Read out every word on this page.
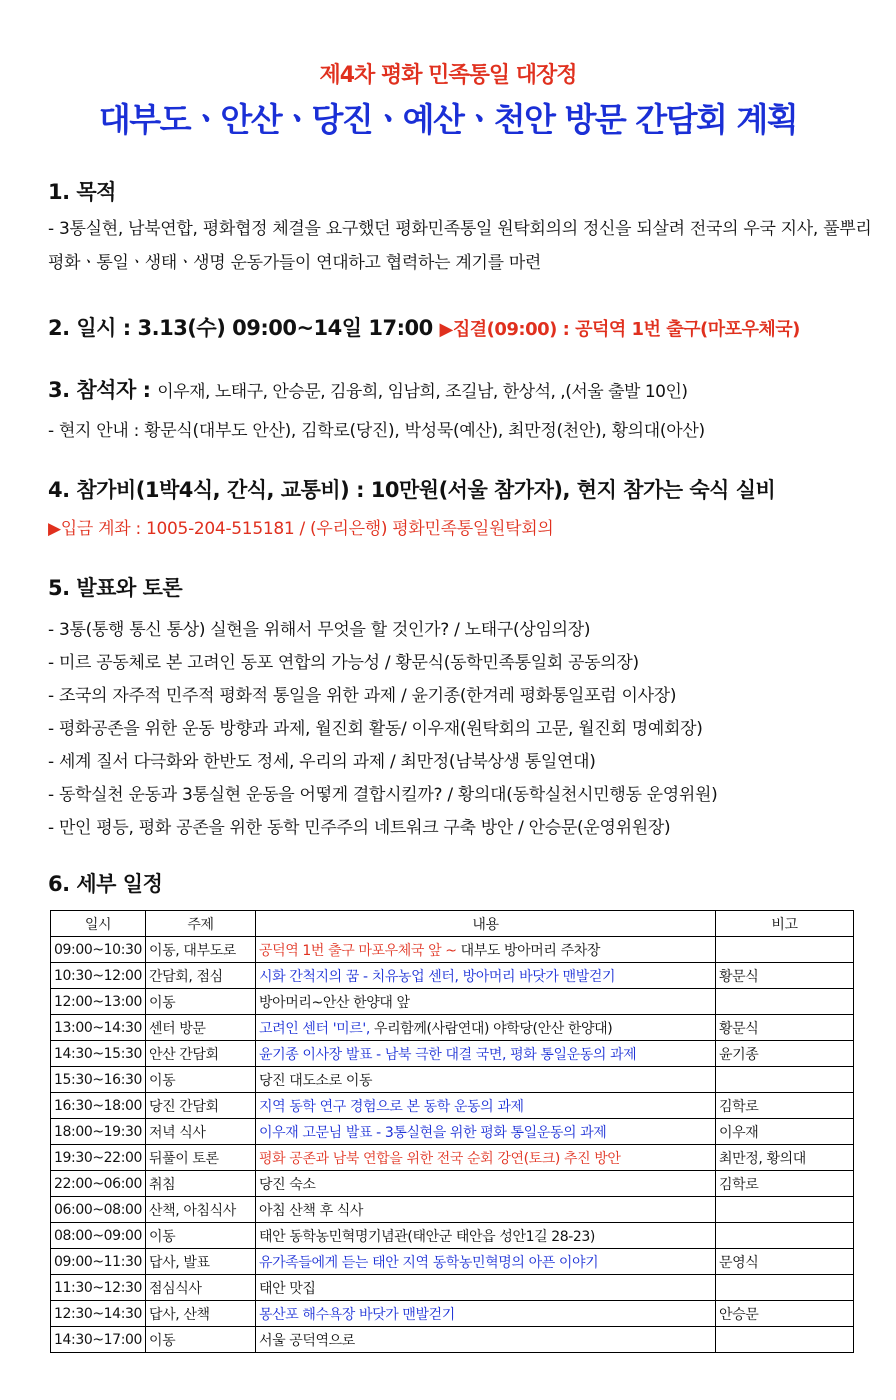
제4차 평화 민족통일 대장정
대부도ㆍ안산ㆍ당진ㆍ예산ㆍ천안 방문 간담회 계획
1. 목적
- 3통실현, 남북연합, 평화협정 체결을 요구했던 평화민족통일 원탁회의의 정신을 되살려 전국의 우국 지사, 풀뿌리 평화ㆍ통일ㆍ생태ㆍ생명 운동가들이 연대하고 협력하는 계기를 마련
2. 일시 : 3.13(수) 09:00~14일 17:00 ▶집결(09:00) : 공덕역 1번 출구(마포우체국)
3. 참석자 : 이우재, 노태구, 안승문, 김융희, 임남희, 조길남, 한상석, ,(서울 출발 10인)
- 현지 안내 : 황문식(대부도 안산), 김학로(당진), 박성묵(예산), 최만정(천안), 황의대(아산)
4. 참가비(1박4식, 간식, 교통비) : 10만원(서울 참가자), 현지 참가는 숙식 실비
▶입금 계좌 : 1005-204-515181 / (우리은행) 평화민족통일원탁회의
5. 발표와 토론
- 3통(통행 통신 통상) 실현을 위해서 무엇을 할 것인가? / 노태구(상임의장)
- 미르 공동체로 본 고려인 동포 연합의 가능성 / 황문식(동학민족통일회 공동의장)
- 조국의 자주적 민주적 평화적 통일을 위한 과제 / 윤기종(한겨레 평화통일포럼 이사장)
- 평화공존을 위한 운동 방향과 과제, 월진회 활동/ 이우재(원탁회의 고문, 월진회 명예회장)
- 세계 질서 다극화와 한반도 정세, 우리의 과제 / 최만정(남북상생 통일연대)
- 동학실천 운동과 3통실현 운동을 어떻게 결합시킬까? / 황의대(동학실천시민행동 운영위원)
- 만인 평등, 평화 공존을 위한 동학 민주주의 네트워크 구축 방안 / 안승문(운영위원장)
6. 세부 일정
일시	주제	내용	비고
09:00~10:30	이동, 대부도로	공덕역 1번 출구 마포우체국 앞 ~ 대부도 방아머리 주차장	
10:30~12:00	간담회, 점심	시화 간척지의 꿈 - 치유농업 센터, 방아머리 바닷가 맨발걷기	황문식
12:00~13:00	이동	방아머리~안산 한양대 앞	
13:00~14:30	센터 방문	고려인 센터 '미르', 우리함께(사람연대) 야학당(안산 한양대)	황문식
14:30~15:30	안산 간담회	윤기종 이사장 발표 - 남북 극한 대결 국면, 평화 통일운동의 과제	윤기종
15:30~16:30	이동	당진 대도소로 이동	
16:30~18:00	당진 간담회	지역 동학 연구 경험으로 본 동학 운동의 과제	김학로
18:00~19:30	저녁 식사	이우재 고문님 발표 - 3통실현을 위한 평화 통일운동의 과제	이우재
19:30~22:00	뒤풀이 토론	평화 공존과 남북 연합을 위한 전국 순회 강연(토크) 추진 방안	최만정, 황의대
22:00~06:00	취침	당진 숙소	김학로
06:00~08:00	산책, 아침식사	아침 산책 후 식사	
08:00~09:00	이동	태안 동학농민혁명기념관(태안군 태안읍 성안1길 28-23)	
09:00~11:30	답사, 발표	유가족들에게 듣는 태안 지역 동학농민혁명의 아픈 이야기	문영식
11:30~12:30	점심식사	태안 맛집	
12:30~14:30	답사, 산책	몽산포 해수욕장 바닷가 맨발걷기	안승문
14:30~17:00	이동	서울 공덕역으로	
